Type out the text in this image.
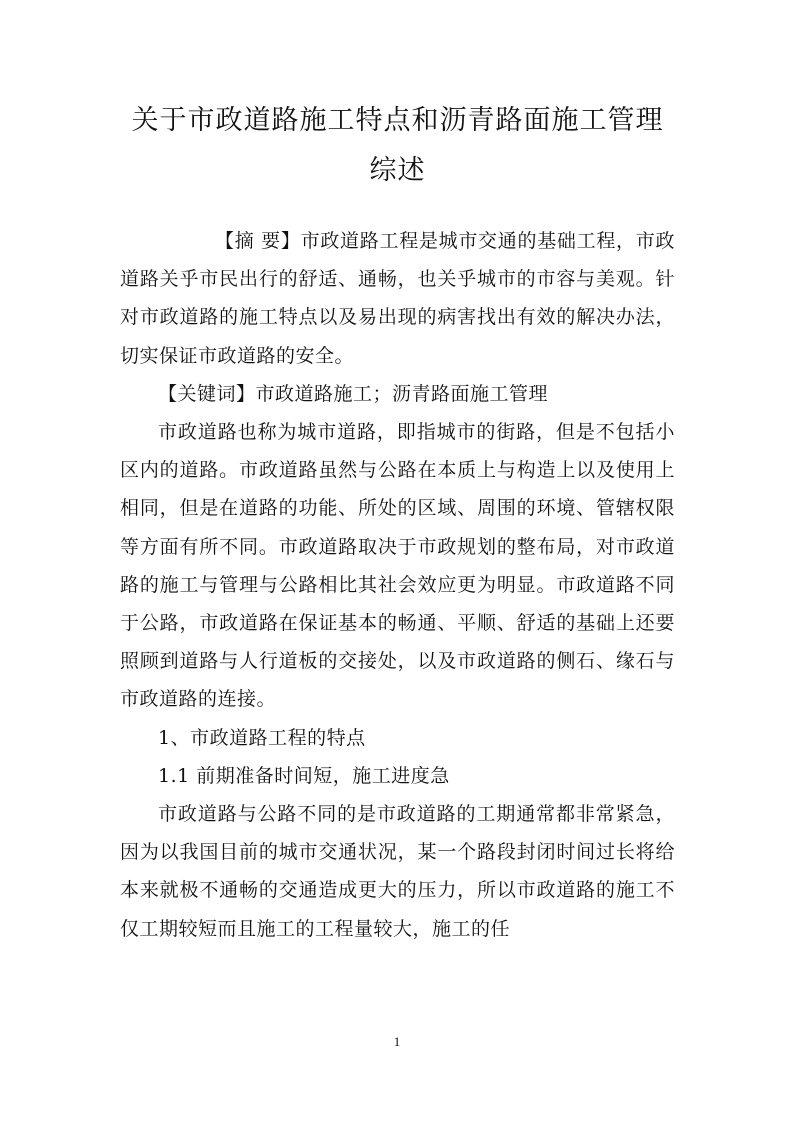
关于市政道路施工特点和沥青路面施工管理综述

【摘 要】市政道路工程是城市交通的基础工程，市政道路关乎市民出行的舒适、通畅，也关乎城市的市容与美观。针对市政道路的施工特点以及易出现的病害找出有效的解决办法，切实保证市政道路的安全。

【关键词】市政道路施工；沥青路面施工管理

市政道路也称为城市道路，即指城市的街路，但是不包括小区内的道路。市政道路虽然与公路在本质上与构造上以及使用上相同，但是在道路的功能、所处的区域、周围的环境、管辖权限等方面有所不同。市政道路取决于市政规划的整布局，对市政道路的施工与管理与公路相比其社会效应更为明显。市政道路不同于公路，市政道路在保证基本的畅通、平顺、舒适的基础上还要照顾到道路与人行道板的交接处，以及市政道路的侧石、缘石与市政道路的连接。

1、市政道路工程的特点

1.1 前期准备时间短，施工进度急

市政道路与公路不同的是市政道路的工期通常都非常紧急，因为以我国目前的城市交通状况，某一个路段封闭时间过长将给本来就极不通畅的交通造成更大的压力，所以市政道路的施工不仅工期较短而且施工的工程量较大，施工的任

1
